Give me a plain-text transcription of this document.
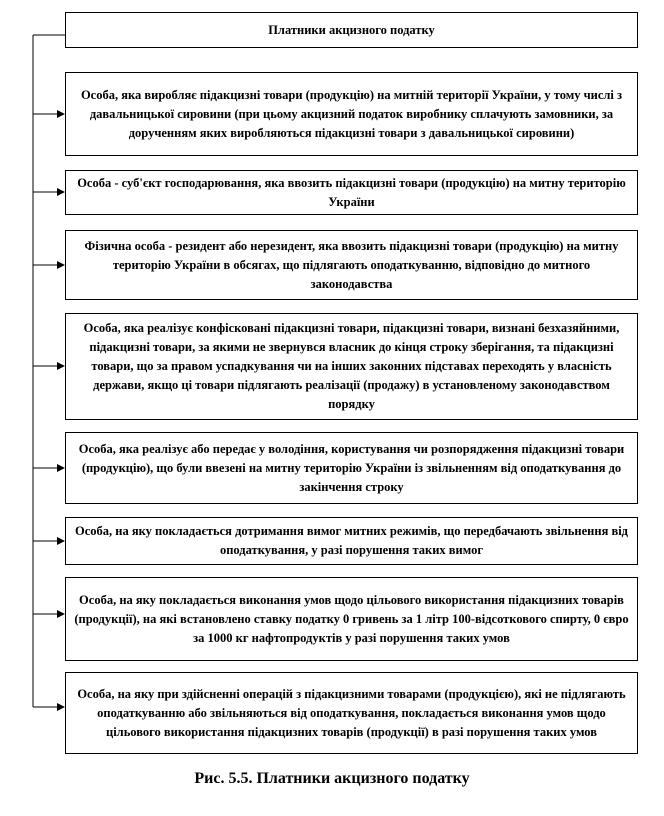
Платники акцизного податку
Особа, яка виробляє підакцизні товари (продукцію) на митній території України, у тому числі з давальницької сировини (при цьому акцизний податок виробнику сплачують замовники, за дорученням яких виробляються підакцизні товари з давальницької сировини)
Особа - суб'єкт господарювання, яка ввозить підакцизні товари (продукцію) на митну територію України
Фізична особа - резидент або нерезидент, яка ввозить підакцизні товари (продукцію) на митну територію України в обсягах, що підлягають оподаткуванню, відповідно до митного законодавства
Особа, яка реалізує конфісковані підакцизні товари, підакцизні товари, визнані безхазяйними, підакцизні товари, за якими не звернувся власник до кінця строку зберігання, та підакцизні товари, що за правом успадкування чи на інших законних підставах переходять у власність держави, якщо ці товари підлягають реалізації (продажу) в установленому законодавством порядку
Особа, яка реалізує або передає у володіння, користування чи розпорядження підакцизні товари (продукцію), що були ввезені на митну територію України із звільненням від оподаткування до закінчення строку
Особа, на яку покладається дотримання вимог митних режимів, що передбачають звільнення від оподаткування, у разі порушення таких вимог
Особа, на яку покладається виконання умов щодо цільового використання підакцизних товарів (продукції), на які встановлено ставку податку 0 гривень за 1 літр 100-відсоткового спирту, 0 євро за 1000 кг нафтопродуктів у разі порушення таких умов
Особа, на яку при здійсненні операцій з підакцизними товарами (продукцією), які не підлягають оподаткуванню або звільняються від оподаткування, покладається виконання умов щодо цільового використання підакцизних товарів (продукції) в разі порушення таких умов
Рис. 5.5. Платники акцизного податку
